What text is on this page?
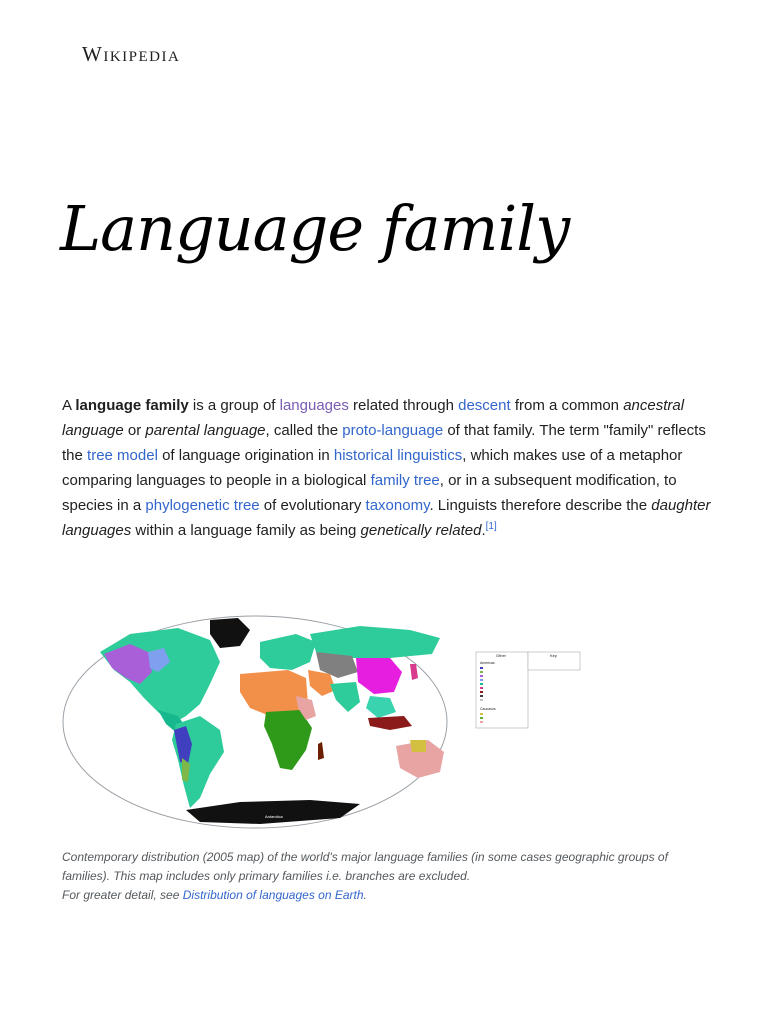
Wikipedia
Language family

A language family is a group of languages related through descent from a common ancestral language or parental language, called the proto-language of that family. The term "family" reflects the tree model of language origination in historical linguistics, which makes use of a metaphor comparing languages to people in a biological family tree, or in a subsequent modification, to species in a phylogenetic tree of evolutionary taxonomy. Linguists therefore describe the daughter languages within a language family as being genetically related.[1]

Antarctica
Other	Key
Americas
Caucasus

Contemporary distribution (2005 map) of the world's major language families (in some cases geographic groups of families). This map includes only primary families i.e. branches are excluded.
For greater detail, see Distribution of languages on Earth.
